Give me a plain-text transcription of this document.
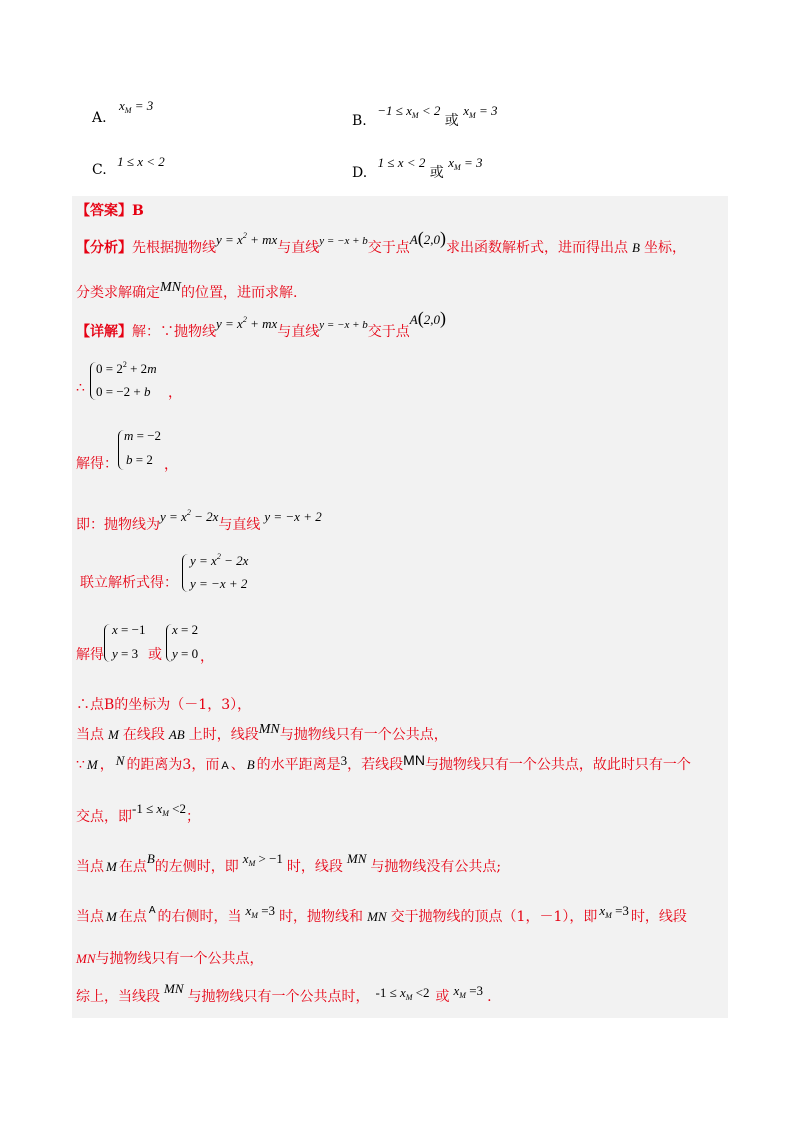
A. $x_M = 3$
B. $-1 \le x_M < 2$ 或 $x_M = 3$
C. 1 ≤ x < 2
D. 1 ≤ x < 2 或 $x_M = 3$
【答案】B
【分析】先根据抛物线$y = x^2$ + mx与直线$^{y = -x + b}$交于点A(2,0)求出函数解析式，进而得出点 B 坐标，
分类求解确定MN的位置，进而求解.
【详解】解：∵抛物线$y = x^2$ + mx与直线$^{y = -x + b}$交于点A(2,0)
∴
$0 = 2^2 + 2m$
0 = −2 + b ，
解得：
m = −2
b = 2 ，
即：抛物线为$y = x^2 - 2x$与直线y = −x + 2
联立解析式得：
$y = x^2 - 2x$
y = −x + 2
解得
x = −1
y = 3 或
x = 2
y = 0 ，
∴点B的坐标为（－1，3），
当点 M 在线段 AB 上时，线段MN与抛物线只有一个公共点，
∵ M ， N 的距离为3，而 A 、 B 的水平距离是3，若线段MN与抛物线只有一个公共点，故此时只有一个
交点，即$-1 \le x_M <2$；
当点 M 在点B的左侧时，即$x_M > -1$时，线段MN与抛物线没有公共点;
当点 M 在点 $^A$ 的右侧时，当 $x_M =3$ 时，抛物线和 MN 交于抛物线的顶点（1，－1），即 $x_M =3$ 时，线段
MN与抛物线只有一个公共点，
综上，当线段MN与抛物线只有一个公共点时， $-1 \le x_M <2$ 或 $x_M =3$ .
